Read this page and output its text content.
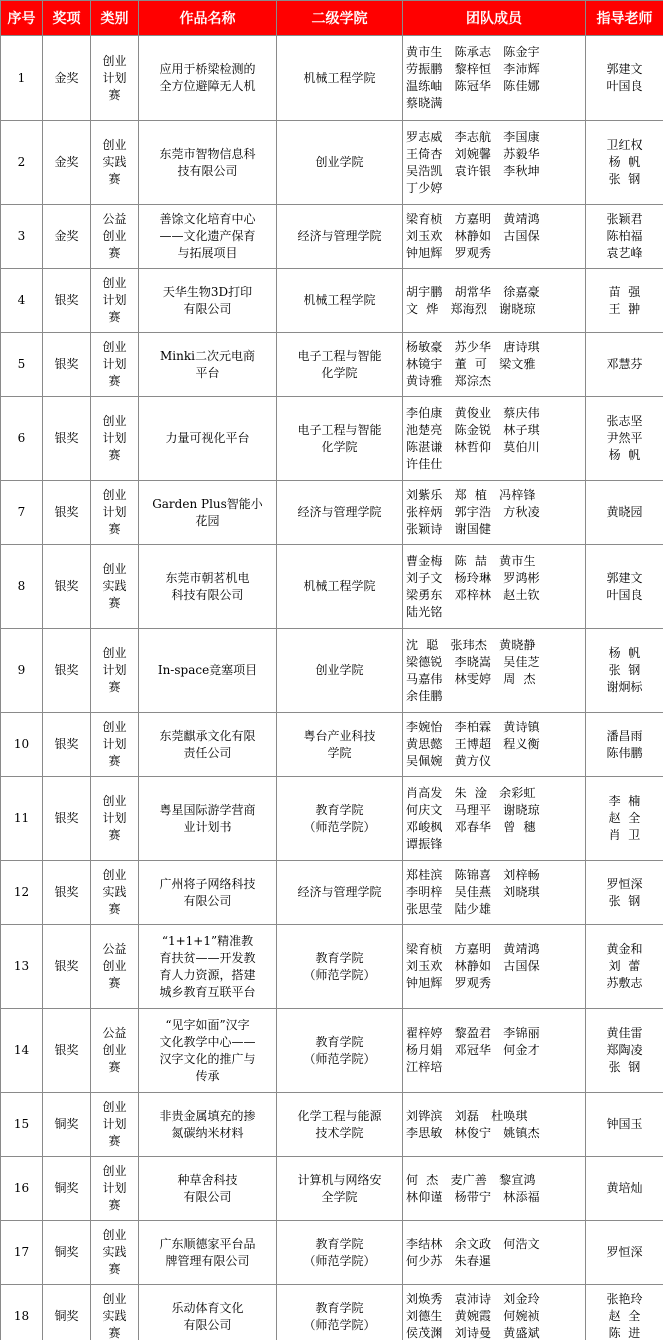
序号	奖项	类别	作品名称	二级学院	团队成员	指导老师
1	金奖	创业
计划
赛	应用于桥梁检测的
全方位避障无人机	机械工程学院	黄市生   陈承志   陈金宇
劳振鹏   黎梓恒   李沛辉
温练岫   陈冠华   陈佳娜
蔡晓满	郭建文
叶国良

2	金奖	创业
实践
赛	东莞市智物信息科
技有限公司	创业学院	罗志威   李志航   李国康
王倚杏   刘婉馨   苏毅华
吴浩凯   袁许银   李秋坤
丁少婷	卫红权
杨  帆
张  钢

3	金奖	公益
创业
赛	善馀文化培育中心
——文化遗产保育
与拓展项目	经济与管理学院	梁育桢   方嘉明   黄靖鸿
刘玉欢   林静如   古国保
钟旭辉   罗观秀	张颖君
陈柏福
袁艺峰

4	银奖	创业
计划
赛	天华生物3D打印
有限公司	机械工程学院	胡宇鹏   胡常华   徐嘉豪
文  烨   郑海烈   谢晓琼	苗  强
王  翀

5	银奖	创业
计划
赛	Minki二次元电商
平台	电子工程与智能
化学院	杨敏豪   苏少华   唐诗琪
林镜宇   董  可   梁文雅
黄诗雅   郑淙杰	邓慧芬

6	银奖	创业
计划
赛	力量可视化平台	电子工程与智能
化学院	李伯康   黄俊业   蔡庆伟
池楚亮   陈金锐   林子琪
陈湛谦   林哲仰   莫伯川
许佳仕	张志坚
尹然平
杨  帆

7	银奖	创业
计划
赛	Garden Plus智能小
花园	经济与管理学院	刘紫乐   郑  植   冯梓锋
张梓炳   郭宇浩   方秋凌
张颖诗   谢国健	黄晓园

8	银奖	创业
实践
赛	东莞市朝茗机电
科技有限公司	机械工程学院	曹金梅   陈  喆   黄市生
刘子文   杨玲琳   罗鸿彬
梁勇东   邓梓林   赵土钦
陆光铭	郭建文
叶国良

9	银奖	创业
计划
赛	In-space竞塞项目	创业学院	沈  聪   张玮杰   黄晓静
梁德锐   李晓嵩   吴佳芝
马嘉伟   林雯婷   周  杰
余佳鹏	杨  帆
张  钢
谢炯标

10	银奖	创业
计划
赛	东莞麒承文化有限
责任公司	粤台产业科技
学院	李婉怡   李柏霖   黄诗镇
黄思懿   王博超   程义衡
吴佩婉   黄方仪	潘昌雨
陈伟鹏

11	银奖	创业
计划
赛	粤星国际游学营商
业计划书	教育学院
（师范学院）	肖高发   朱  淦   余彩虹
何庆文   马理平   谢晓琼
邓峻枫   邓春华   曾  穗
谭振锋	李  楠
赵  全
肖  卫

12	银奖	创业
实践
赛	广州将子网络科技
有限公司	经济与管理学院	郑桂滨   陈锦喜   刘梓畅
李明梓   吴佳燕   刘晓琪
张思莹   陆少雄	罗恒深
张  钢

13	银奖	公益
创业
赛	“1+1+1”精准教
育扶贫——开发教
育人力资源，搭建
城乡教育互联平台	教育学院
（师范学院）	梁育桢   方嘉明   黄靖鸿
刘玉欢   林静如   古国保
钟旭辉   罗观秀	黄金和
刘  蕾
苏敷志

14	银奖	公益
创业
赛	“见字如面”汉字
文化教学中心——
汉字文化的推广与
传承	教育学院
（师范学院）	翟梓婷   黎盈君   李锦丽
杨月娟   邓冠华   何金才
江梓培	黄佳雷
郑陶凌
张  钢

15	铜奖	创业
计划
赛	非贵金属填充的掺
氮碳纳米材料	化学工程与能源
技术学院	刘铧滨   刘磊   杜唤琪
李思敏   林俊宁   姚镇杰	钟国玉

16	铜奖	创业
计划
赛	种草舍科技
有限公司	计算机与网络安
全学院	何  杰   麦广善   黎宣鸿
林仰谨   杨带宁   林添福	黄培灿

17	铜奖	创业
实践
赛	广东顺德家平台品
牌管理有限公司	教育学院
（师范学院）	李结林   余文政   何浩文
何少苏   朱春暹	罗恒深

18	铜奖	创业
实践
赛	乐动体育文化
有限公司	教育学院
（师范学院）	刘焕秀   袁沛诗   刘金玲
刘德生   黄婉霞   何婉祯
侯茂渊   刘诗曼   黄盛斌	张艳玲
赵  全
陈  进
